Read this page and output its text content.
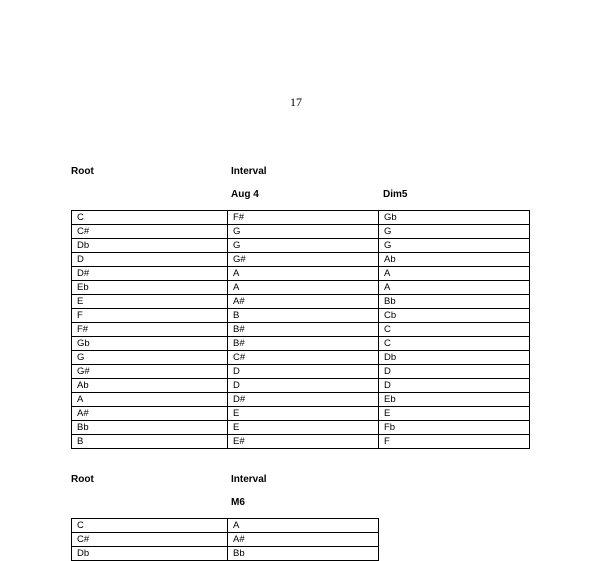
17
Root	Interval
Aug 4	Dim5
C	F#	Gb
C#	G	G
Db	G	G
D	G#	Ab
D#	A	A
Eb	A	A
E	A#	Bb
F	B	Cb
F#	B#	C
Gb	B#	C
G	C#	Db
G#	D	D
Ab	D	D
A	D#	Eb
A#	E	E
Bb	E	Fb
B	E#	F
Root	Interval
M6
C	A
C#	A#
Db	Bb
